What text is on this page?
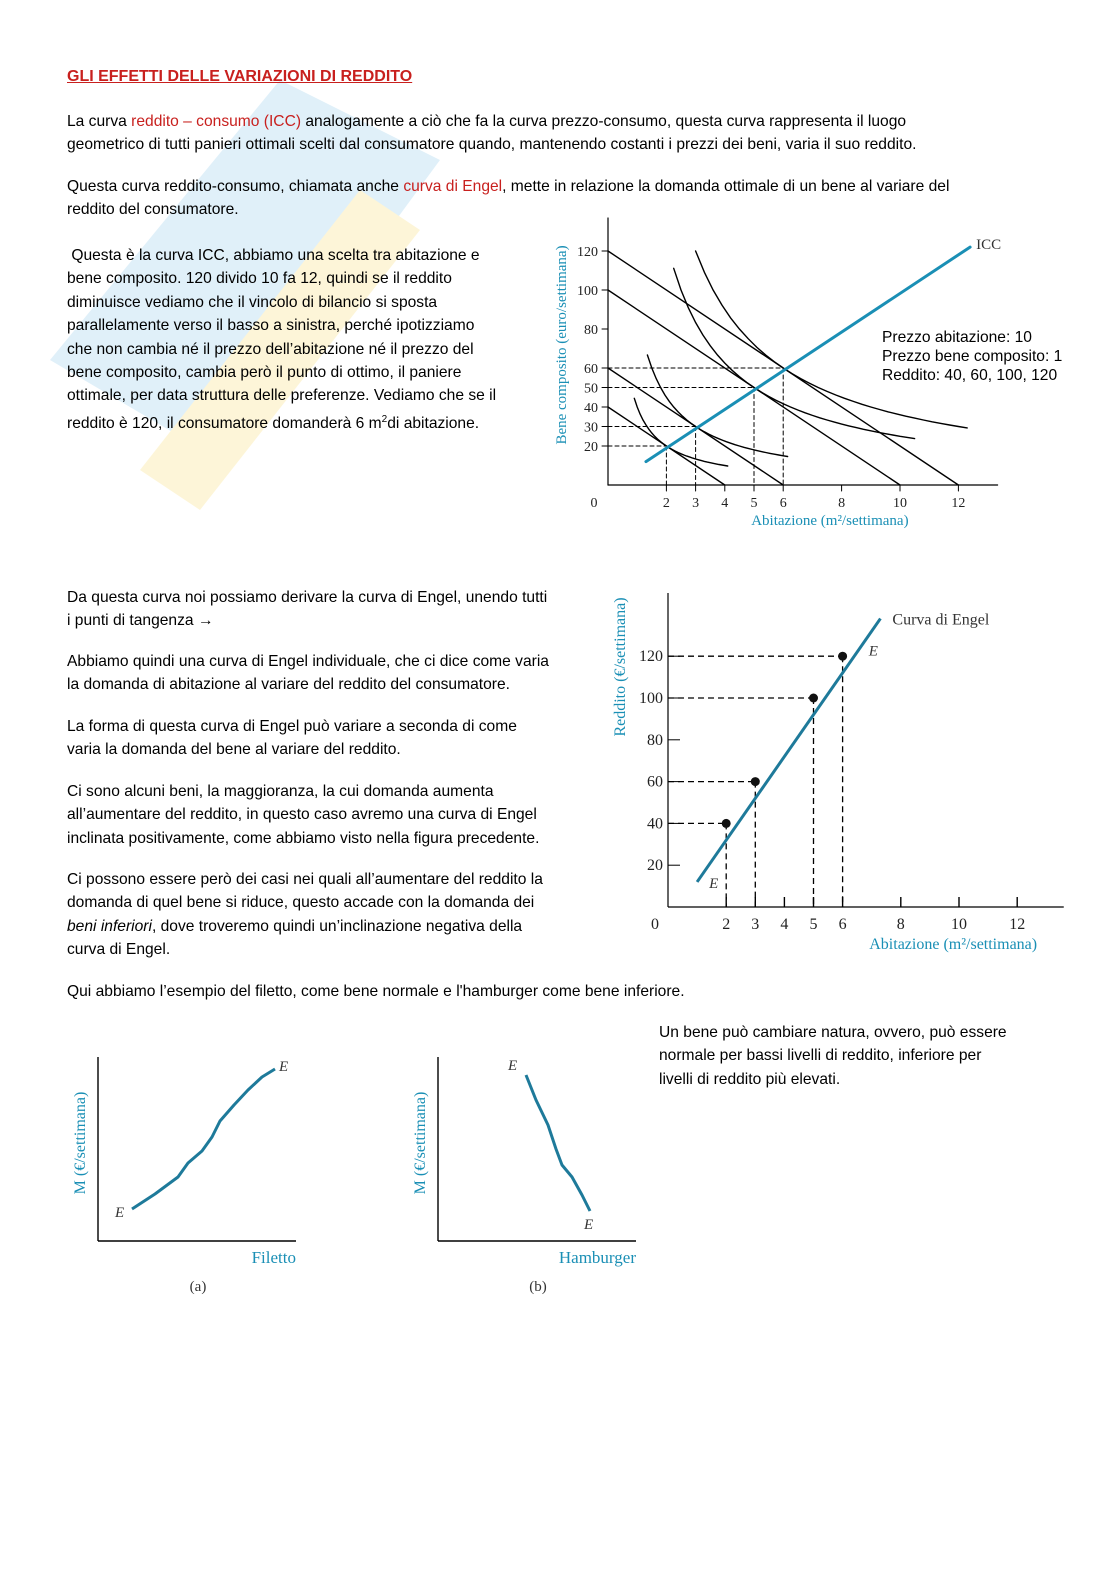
GLI EFFETTI DELLE VARIAZIONI DI REDDITO
La curva reddito – consumo (ICC) analogamente a ciò che fa la curva prezzo-consumo, questa curva rappresenta il luogo
geometrico di tutti panieri ottimali scelti dal consumatore quando, mantenendo costanti i prezzi dei beni, varia il suo reddito.
Questa curva reddito-consumo, chiamata anche curva di Engel, mette in relazione la domanda ottimale di un bene al variare del
reddito del consumatore.
Questa è la curva ICC, abbiamo una scelta tra abitazione e
bene composito. 120 divido 10 fa 12, quindi se il reddito
diminuisce vediamo che il vincolo di bilancio si sposta
parallelamente verso il basso a sinistra, perché ipotizziamo
che non cambia né il prezzo dell’abitazione né il prezzo del
bene composito, cambia però il punto di ottimo, il paniere
ottimale, per data struttura delle preferenze. Vediamo che se il
reddito è 120, il consumatore domanderà 6 $m^2di$ abitazione.
Prezzo abitazione: 10
Prezzo bene composito: 1
Reddito: 40, 60, 100, 120
20
30
40
50
60
80
100
120
0	2 3 4 5 6	8	10	12
ICC
Abitazione (m²/settimana)
Bene composito (euro/settimana)
Da questa curva noi possiamo derivare la curva di Engel, unendo tutti
i punti di tangenza →
Abbiamo quindi una curva di Engel individuale, che ci dice come varia
la domanda di abitazione al variare del reddito del consumatore.
La forma di questa curva di Engel può variare a seconda di come
varia la domanda del bene al variare del reddito.
Ci sono alcuni beni, la maggioranza, la cui domanda aumenta
all’aumentare del reddito, in questo caso avremo una curva di Engel
inclinata positivamente, come abbiamo visto nella figura precedente.
Ci possono essere però dei casi nei quali all’aumentare del reddito la
domanda di quel bene si riduce, questo accade con la domanda dei
beni inferiori, dove troveremo quindi un’inclinazione negativa della
curva di Engel.
20
40
60
80
100
120
0	2 3 4 5 6	8	10	12
Curva di Engel
E
E
Abitazione (m²/settimana)
Reddito (€/settimana)
Qui abbiamo l’esempio del filetto, come bene normale e l'hamburger come bene inferiore.
Un bene può cambiare natura, ovvero, può essere
normale per bassi livelli di reddito, inferiore per
livelli di reddito più elevati.
E
E
Filetto
M (€/settimana)
(a)
E
E
Hamburger
M (€/settimana)
(b)
